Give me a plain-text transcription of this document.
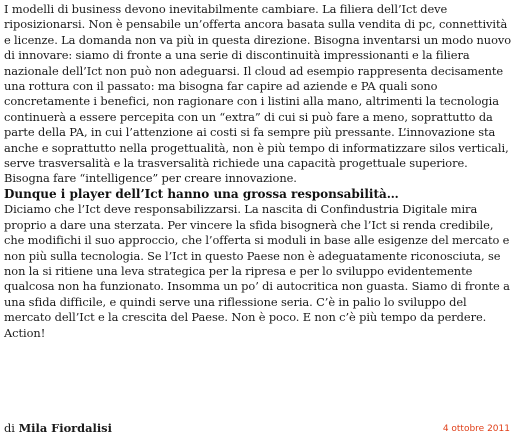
I modelli di business devono inevitabilmente cambiare. La filiera dell’Ict deve riposizionarsi. Non è pensabile un’offerta ancora basata sulla vendita di pc, connettività e licenze. La domanda non va più in questa direzione. Bisogna inventarsi un modo nuovo di innovare: siamo di fronte a una serie di discontinuità impressionanti e la filiera nazionale dell’Ict non può non adeguarsi. Il cloud ad esempio rappresenta decisamente una rottura con il passato: ma bisogna far capire ad aziende e PA quali sono concretamente i benefici, non ragionare con i listini alla mano, altrimenti la tecnologia continuerà a essere percepita con un “extra” di cui si può fare a meno, soprattutto da parte della PA, in cui l’attenzione ai costi si fa sempre più pressante. L’innovazione sta anche e soprattutto nella progettualità, non è più tempo di informatizzare silos verticali, serve trasversalità e la trasversalità richiede una capacità progettuale superiore. Bisogna fare “intelligence” per creare innovazione.

Dunque i player dell’Ict hanno una grossa responsabilità…

Diciamo che l’Ict deve responsabilizzarsi. La nascita di Confindustria Digitale mira proprio a dare una sterzata. Per vincere la sfida bisognerà che l’Ict si renda credibile, che modifichi il suo approccio, che l’offerta si moduli in base alle esigenze del mercato e non più sulla tecnologia. Se l’Ict in questo Paese non è adeguatamente riconosciuta, se non la si ritiene una leva strategica per la ripresa e per lo sviluppo evidentemente qualcosa non ha funzionato. Insomma un po’ di autocritica non guasta. Siamo di fronte a una sfida difficile, e quindi serve una riflessione seria. C’è in palio lo sviluppo del mercato dell’Ict e la crescita del Paese. Non è poco. E non c’è più tempo da perdere. Action!

di Mila Fiordalisi	4 ottobre 2011
